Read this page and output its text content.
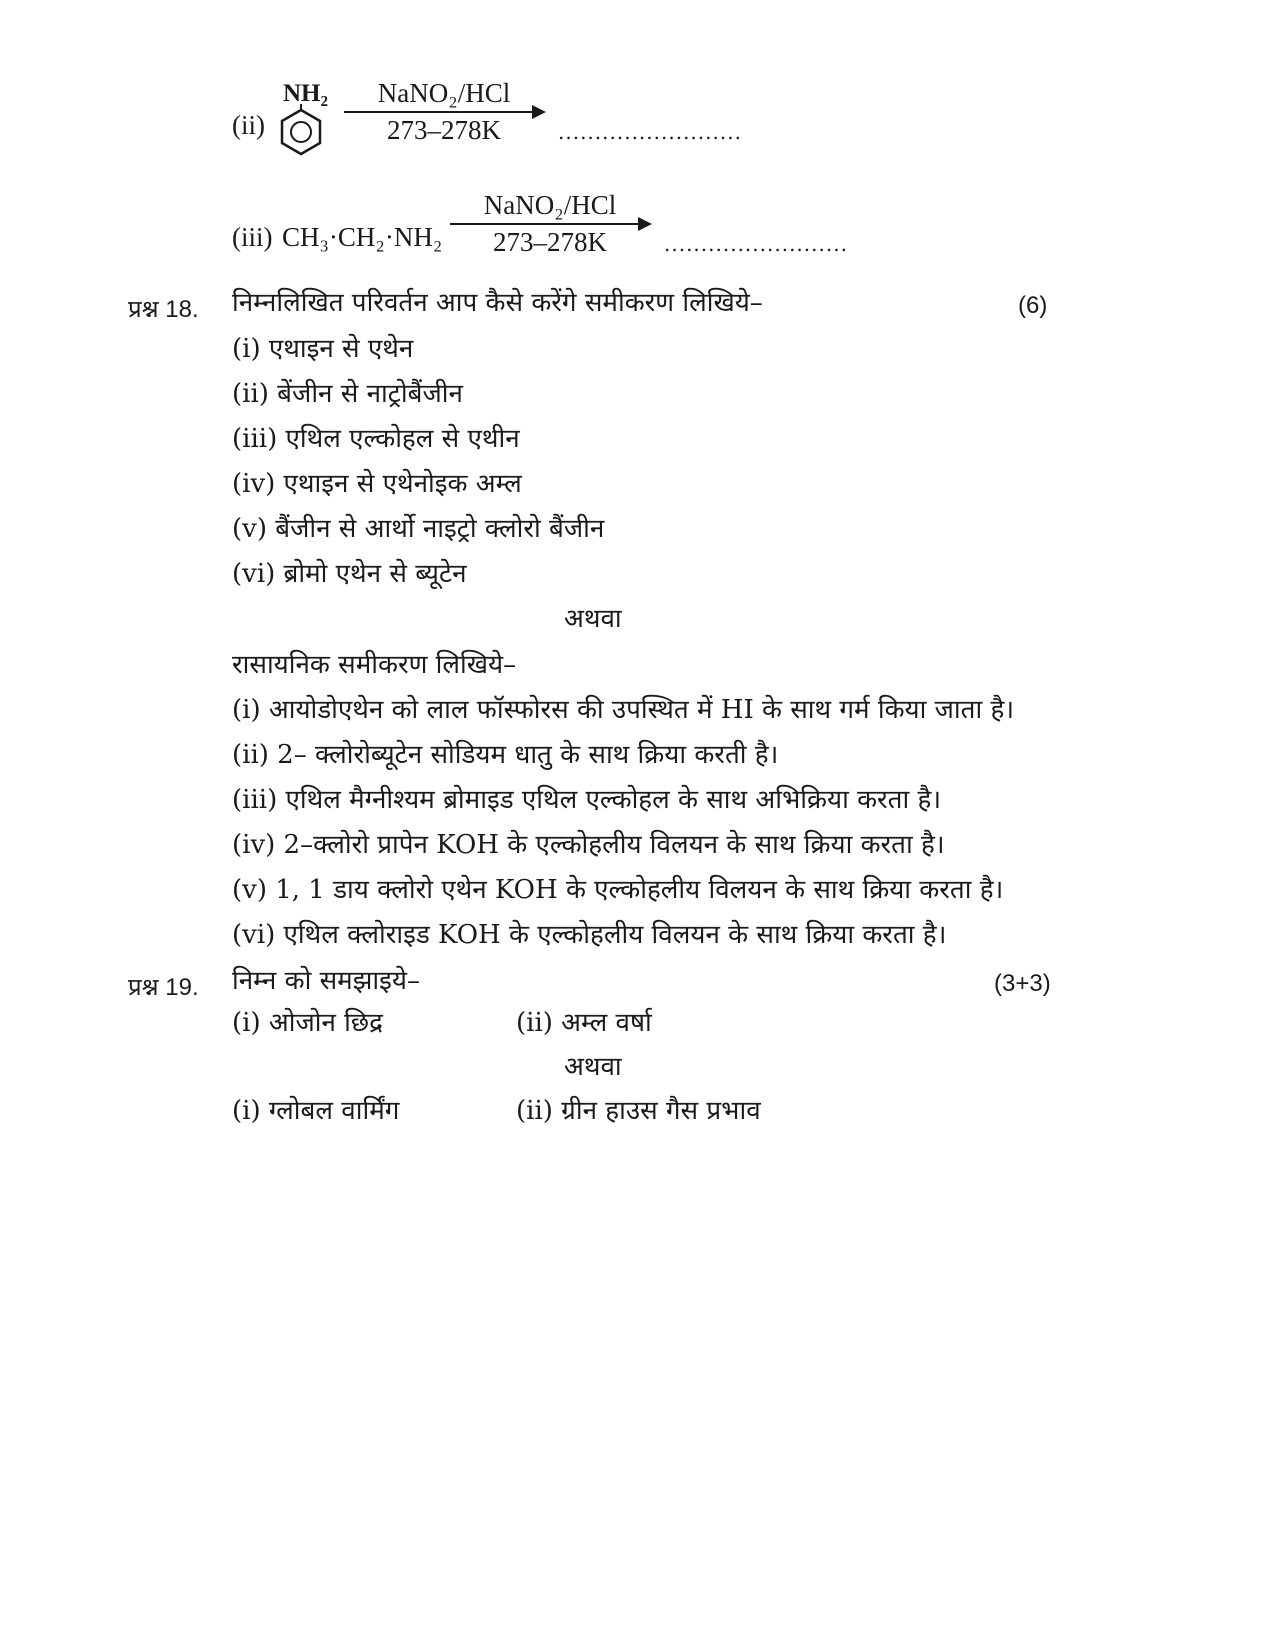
(ii)
NH₂	NaNO₂/HCl
273–278K	.........................
(iii) CH₃·CH₂·NH₂
NaNO₂/HCl
273–278K	.........................
प्रश्न 18. निम्नलिखित परिवर्तन आप कैसे करेंगे समीकरण लिखिये–	(6)
(i) एथाइन से एथेन
(ii) बेंजीन से नाट्रोबैंजीन
(iii) एथिल एल्कोहल से एथीन
(iv) एथाइन से एथेनोइक अम्ल
(v) बैंजीन से आर्थो नाइट्रो क्लोरो बैंजीन
(vi) ब्रोमो एथेन से ब्यूटेन
अथवा
रासायनिक समीकरण लिखिये–
(i) आयोडोएथेन को लाल फॉस्फोरस की उपस्थित में HI के साथ गर्म किया जाता है।
(ii) 2– क्लोरोब्यूटेन सोडियम धातु के साथ क्रिया करती है।
(iii) एथिल मैग्नीश्यम ब्रोमाइड एथिल एल्कोहल के साथ अभिक्रिया करता है।
(iv) 2–क्लोरो प्रापेन KOH के एल्कोहलीय विलयन के साथ क्रिया करता है।
(v) 1, 1 डाय क्लोरो एथेन KOH के एल्कोहलीय विलयन के साथ क्रिया करता है।
(vi) एथिल क्लोराइड KOH के एल्कोहलीय विलयन के साथ क्रिया करता है।
प्रश्न 19. निम्न को समझाइये–	(3+3)
(i) ओजोन छिद्र	(ii) अम्ल वर्षा
अथवा
(i) ग्लोबल वार्मिंग	(ii) ग्रीन हाउस गैस प्रभाव
